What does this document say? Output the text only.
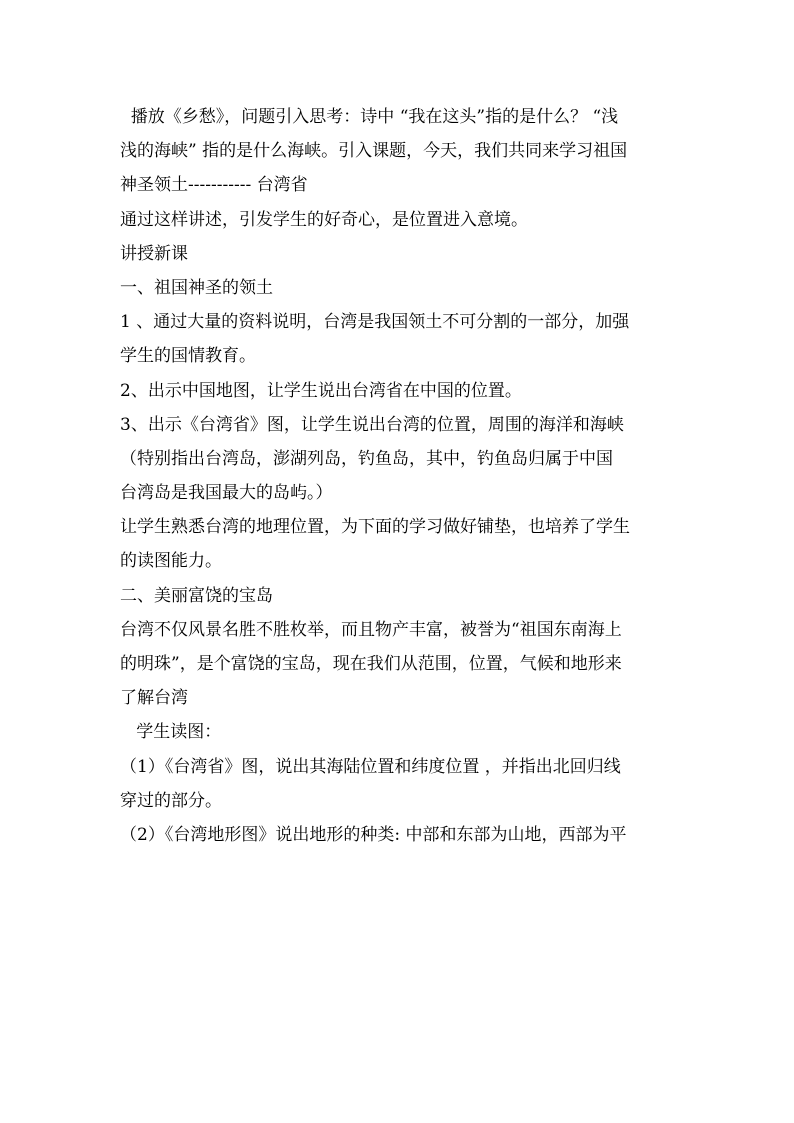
播放《乡愁》，问题引入思考：诗中 “我在这头”指的是什么？ “浅
浅的海峡” 指的是什么海峡。引入课题，今天，我们共同来学习祖国
神圣领土----------- 台湾省
通过这样讲述，引发学生的好奇心，是位置进入意境。
讲授新课
一、祖国神圣的领土
1 、通过大量的资料说明，台湾是我国领土不可分割的一部分，加强
学生的国情教育。
2、出示中国地图，让学生说出台湾省在中国的位置。
3、出示《台湾省》图，让学生说出台湾的位置，周围的海洋和海峡
（特别指出台湾岛，澎湖列岛，钓鱼岛，其中，钓鱼岛归属于中国
台湾岛是我国最大的岛屿。）
让学生熟悉台湾的地理位置，为下面的学习做好铺垫，也培养了学生
的读图能力。
二、美丽富饶的宝岛
台湾不仅风景名胜不胜枚举，而且物产丰富，被誉为“祖国东南海上
的明珠”，是个富饶的宝岛，现在我们从范围，位置，气候和地形来
了解台湾
学生读图：
（1）《台湾省》图，说出其海陆位置和纬度位置 ，并指出北回归线
穿过的部分。
（2）《台湾地形图》说出地形的种类: 中部和东部为山地，西部为平
